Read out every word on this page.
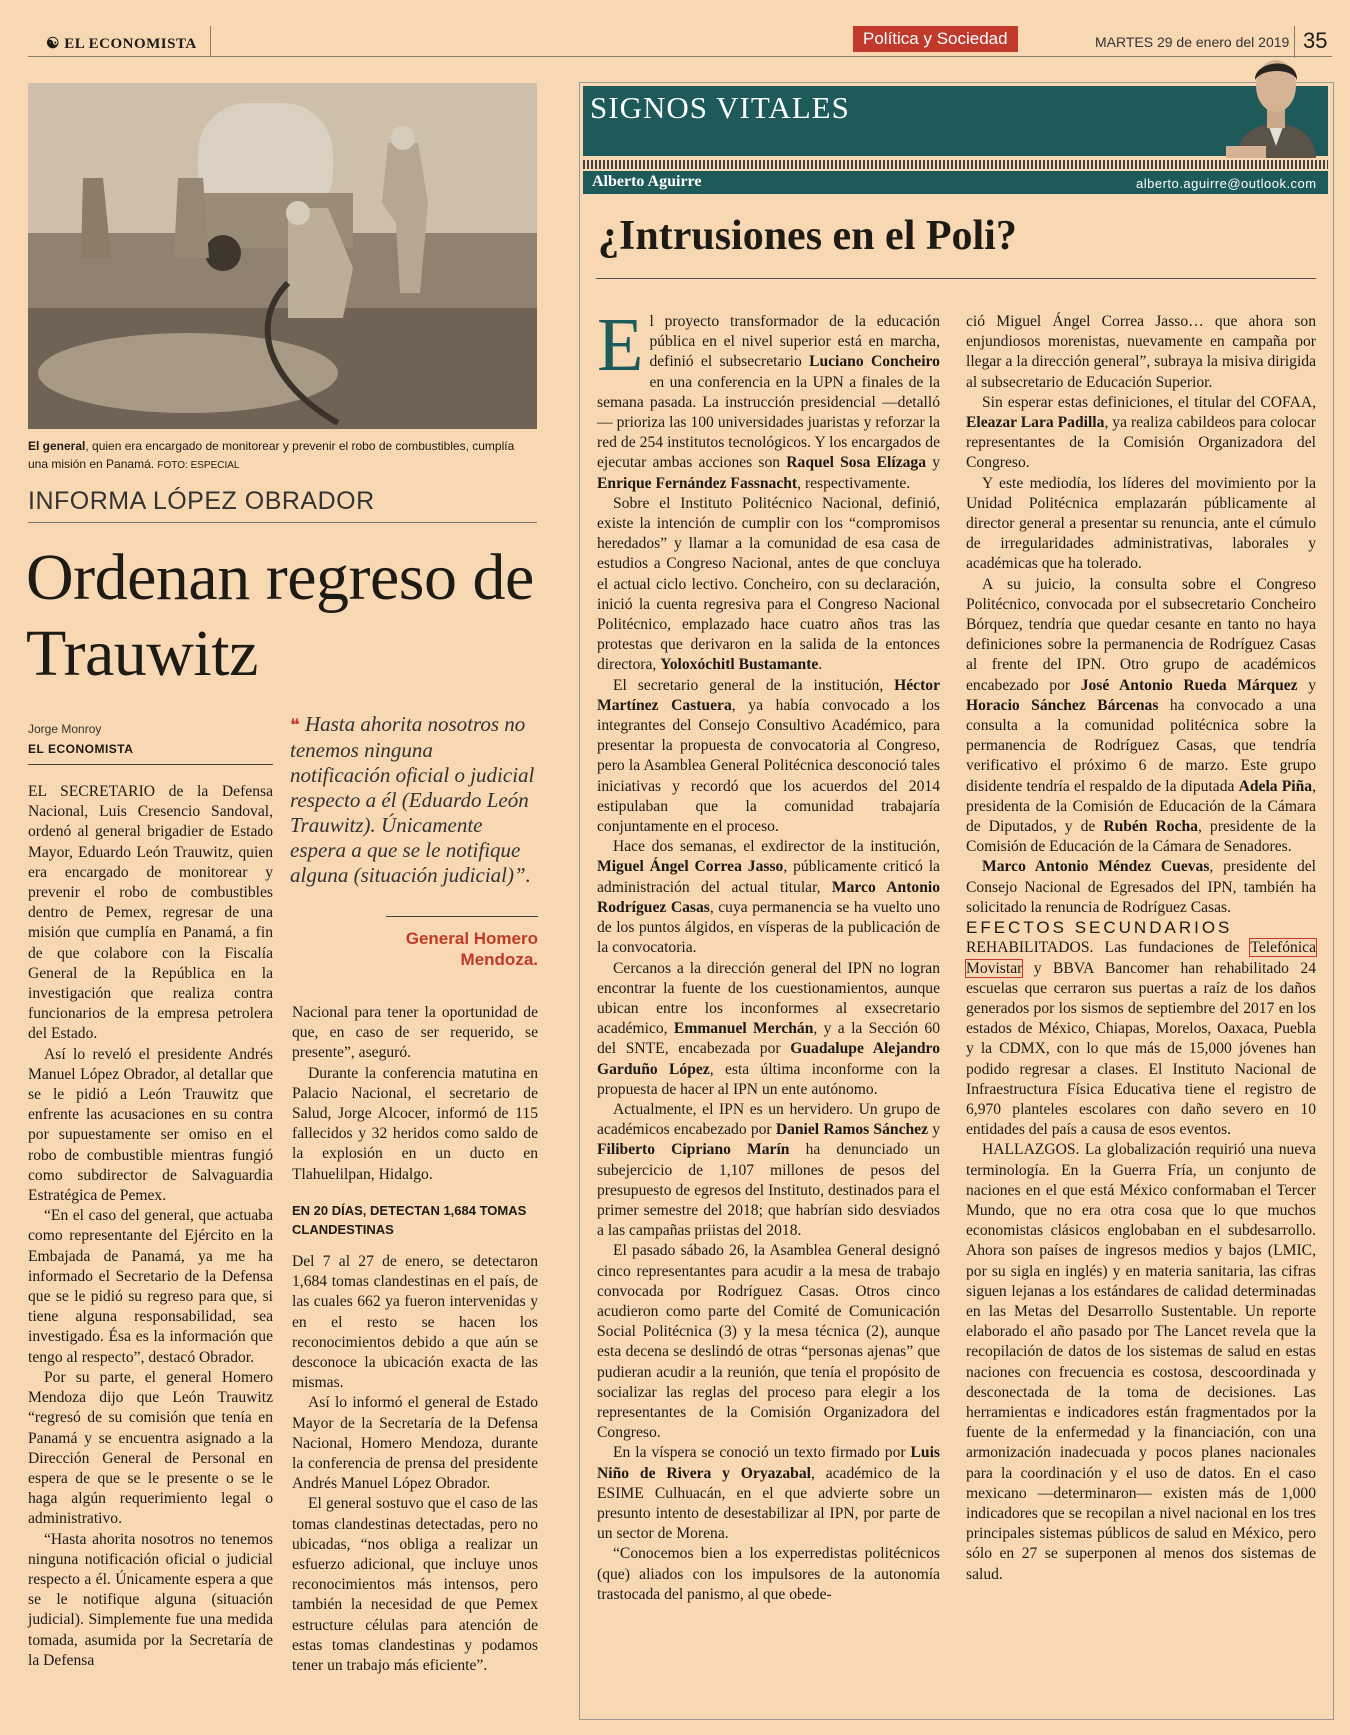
☯ EL ECONOMISTA	Política y Sociedad	MARTES 29 de enero del 2019 35
El general, quien era encargado de monitorear y prevenir el robo de combustibles, cumplía una misión en Panamá. FOTO: ESPECIAL
INFORMA LÓPEZ OBRADOR
Ordenan regreso de Trauwitz
Jorge Monroy
EL ECONOMISTA

EL SECRETARIO de la Defensa Nacional, Luis Cresencio Sandoval, ordenó al general brigadier de Estado Mayor, Eduardo León Trauwitz, quien era encargado de monitorear y prevenir el robo de combustibles dentro de Pemex, regresar de una misión que cumplía en Panamá, a fin de que colabore con la Fiscalía General de la República en la investigación que realiza contra funcionarios de la empresa petrolera del Estado.

Así lo reveló el presidente Andrés Manuel López Obrador, al detallar que se le pidió a León Trauwitz que enfrente las acusaciones en su contra por supuestamente ser omiso en el robo de combustible mientras fungió como subdirector de Salvaguardia Estratégica de Pemex.

“En el caso del general, que actuaba como representante del Ejército en la Embajada de Panamá, ya me ha informado el Secretario de la Defensa que se le pidió su regreso para que, si tiene alguna responsabilidad, sea investigado. Ésa es la información que tengo al respecto”, destacó Obrador.

Por su parte, el general Homero Mendoza dijo que León Trauwitz “regresó de su comisión que tenía en Panamá y se encuentra asignado a la Dirección General de Personal en espera de que se le presente o se le haga algún requerimiento legal o administrativo.

“Hasta ahorita nosotros no tenemos ninguna notificación oficial o judicial respecto a él. Únicamente espera a que se le notifique alguna (situación judicial). Simplemente fue una medida tomada, asumida por la Secretaría de la Defensa

❝ Hasta ahorita nosotros no tenemos ninguna notificación oficial o judicial respecto a él (Eduardo León Trauwitz). Únicamente espera a que se le notifique alguna (situación judicial)”.
General Homero Mendoza.

Nacional para tener la oportunidad de que, en caso de ser requerido, se presente”, aseguró.

Durante la conferencia matutina en Palacio Nacional, el secretario de Salud, Jorge Alcocer, informó de 115 fallecidos y 32 heridos como saldo de la explosión en un ducto en Tlahuelilpan, Hidalgo.

EN 20 DÍAS, DETECTAN 1,684 TOMAS CLANDESTINAS

Del 7 al 27 de enero, se detectaron 1,684 tomas clandestinas en el país, de las cuales 662 ya fueron intervenidas y en el resto se hacen los reconocimientos debido a que aún se desconoce la ubicación exacta de las mismas.

Así lo informó el general de Estado Mayor de la Secretaría de la Defensa Nacional, Homero Mendoza, durante la conferencia de prensa del presidente Andrés Manuel López Obrador.

El general sostuvo que el caso de las tomas clandestinas detectadas, pero no ubicadas, “nos obliga a realizar un esfuerzo adicional, que incluye unos reconocimientos más intensos, pero también la necesidad de que Pemex estructure células para atención de estas tomas clandestinas y podamos tener un trabajo más eficiente”.

SIGNOS VITALES
Alberto Aguirre	alberto.aguirre@outlook.com
¿Intrusiones en el Poli?

El proyecto transformador de la educación pública en el nivel superior está en marcha, definió el subsecretario Luciano Concheiro en una conferencia en la UPN a finales de la semana pasada. La instrucción presidencial —detalló— prioriza las 100 universidades juaristas y reforzar la red de 254 institutos tecnológicos. Y los encargados de ejecutar ambas acciones son Raquel Sosa Elízaga y Enrique Fernández Fassnacht, respectivamente.

Sobre el Instituto Politécnico Nacional, definió, existe la intención de cumplir con los “compromisos heredados” y llamar a la comunidad de esa casa de estudios a Congreso Nacional, antes de que concluya el actual ciclo lectivo. Concheiro, con su declaración, inició la cuenta regresiva para el Congreso Nacional Politécnico, emplazado hace cuatro años tras las protestas que derivaron en la salida de la entonces directora, Yoloxóchitl Bustamante.

El secretario general de la institución, Héctor Martínez Castuera, ya había convocado a los integrantes del Consejo Consultivo Académico, para presentar la propuesta de convocatoria al Congreso, pero la Asamblea General Politécnica desconoció tales iniciativas y recordó que los acuerdos del 2014 estipulaban que la comunidad trabajaría conjuntamente en el proceso.

Hace dos semanas, el exdirector de la institución, Miguel Ángel Correa Jasso, públicamente criticó la administración del actual titular, Marco Antonio Rodríguez Casas, cuya permanencia se ha vuelto uno de los puntos álgidos, en vísperas de la publicación de la convocatoria.

Cercanos a la dirección general del IPN no logran encontrar la fuente de los cuestionamientos, aunque ubican entre los inconformes al exsecretario académico, Emmanuel Merchán, y a la Sección 60 del SNTE, encabezada por Guadalupe Alejandro Garduño López, esta última inconforme con la propuesta de hacer al IPN un ente autónomo.

Actualmente, el IPN es un hervidero. Un grupo de académicos encabezado por Daniel Ramos Sánchez y Filiberto Cipriano Marín ha denunciado un subejercicio de 1,107 millones de pesos del presupuesto de egresos del Instituto, destinados para el primer semestre del 2018; que habrían sido desviados a las campañas priistas del 2018.

El pasado sábado 26, la Asamblea General designó cinco representantes para acudir a la mesa de trabajo convocada por Rodríguez Casas. Otros cinco acudieron como parte del Comité de Comunicación Social Politécnica (3) y la mesa técnica (2), aunque esta decena se deslindó de otras “personas ajenas” que pudieran acudir a la reunión, que tenía el propósito de socializar las reglas del proceso para elegir a los representantes de la Comisión Organizadora del Congreso.

En la víspera se conoció un texto firmado por Luis Niño de Rivera y Oryazabal, académico de la ESIME Culhuacán, en el que advierte sobre un presunto intento de desestabilizar al IPN, por parte de un sector de Morena.

“Conocemos bien a los experredistas politécnicos (que) aliados con los impulsores de la autonomía trastocada del panismo, al que obede-

ció Miguel Ángel Correa Jasso… que ahora son enjundiosos morenistas, nuevamente en campaña por llegar a la dirección general”, subraya la misiva dirigida al subsecretario de Educación Superior.

Sin esperar estas definiciones, el titular del COFAA, Eleazar Lara Padilla, ya realiza cabildeos para colocar representantes de la Comisión Organizadora del Congreso.

Y este mediodía, los líderes del movimiento por la Unidad Politécnica emplazarán públicamente al director general a presentar su renuncia, ante el cúmulo de irregularidades administrativas, laborales y académicas que ha tolerado.

A su juicio, la consulta sobre el Congreso Politécnico, convocada por el subsecretario Concheiro Bórquez, tendría que quedar cesante en tanto no haya definiciones sobre la permanencia de Rodríguez Casas al frente del IPN. Otro grupo de académicos encabezado por José Antonio Rueda Márquez y Horacio Sánchez Bárcenas ha convocado a una consulta a la comunidad politécnica sobre la permanencia de Rodríguez Casas, que tendría verificativo el próximo 6 de marzo. Este grupo disidente tendría el respaldo de la diputada Adela Piña, presidenta de la Comisión de Educación de la Cámara de Diputados, y de Rubén Rocha, presidente de la Comisión de Educación de la Cámara de Senadores.

Marco Antonio Méndez Cuevas, presidente del Consejo Nacional de Egresados del IPN, también ha solicitado la renuncia de Rodríguez Casas.

EFECTOS SECUNDARIOS

REHABILITADOS. Las fundaciones de Telefónica Movistar y BBVA Bancomer han rehabilitado 24 escuelas que cerraron sus puertas a raíz de los daños generados por los sismos de septiembre del 2017 en los estados de México, Chiapas, Morelos, Oaxaca, Puebla y la CDMX, con lo que más de 15,000 jóvenes han podido regresar a clases. El Instituto Nacional de Infraestructura Física Educativa tiene el registro de 6,970 planteles escolares con daño severo en 10 entidades del país a causa de esos eventos.

HALLAZGOS. La globalización requirió una nueva terminología. En la Guerra Fría, un conjunto de naciones en el que está México conformaban el Tercer Mundo, que no era otra cosa que lo que muchos economistas clásicos englobaban en el subdesarrollo. Ahora son países de ingresos medios y bajos (LMIC, por su sigla en inglés) y en materia sanitaria, las cifras siguen lejanas a los estándares de calidad determinadas en las Metas del Desarrollo Sustentable. Un reporte elaborado el año pasado por The Lancet revela que la recopilación de datos de los sistemas de salud en estas naciones con frecuencia es costosa, descoordinada y desconectada de la toma de decisiones. Las herramientas e indicadores están fragmentados por la fuente de la enfermedad y la financiación, con una armonización inadecuada y pocos planes nacionales para la coordinación y el uso de datos. En el caso mexicano —determinaron— existen más de 1,000 indicadores que se recopilan a nivel nacional en los tres principales sistemas públicos de salud en México, pero sólo en 27 se superponen al menos dos sistemas de salud.
